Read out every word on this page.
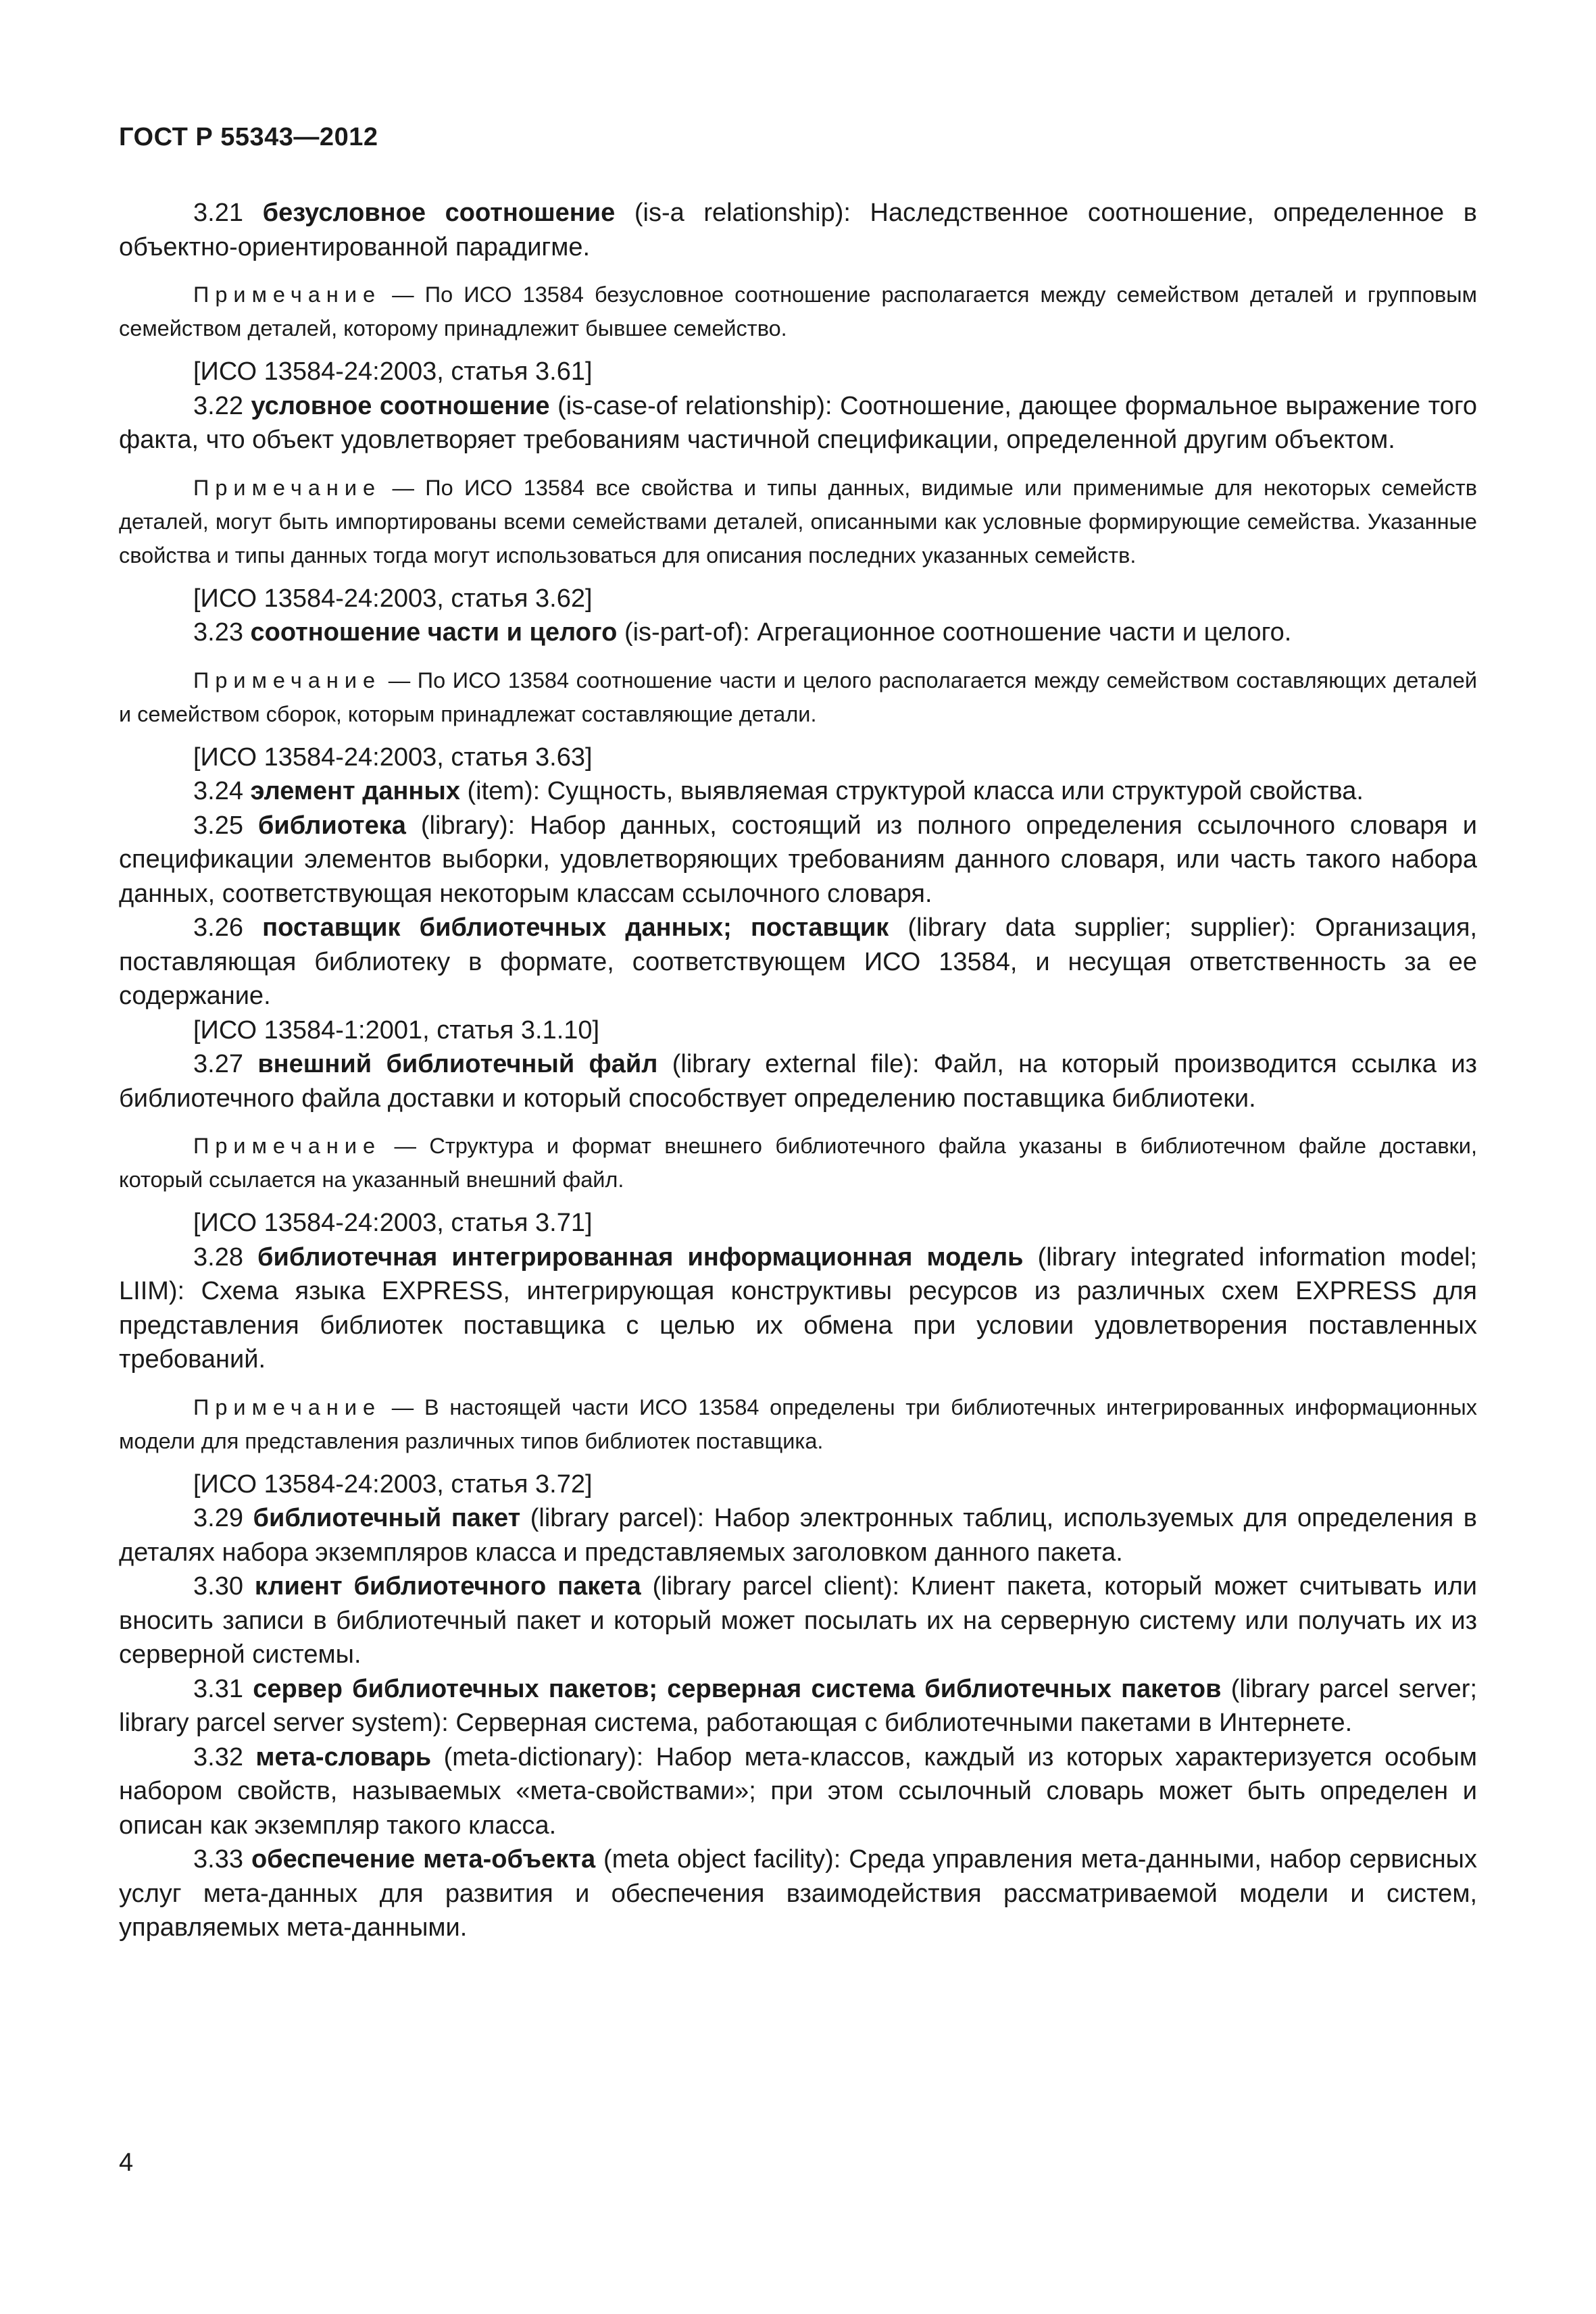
ГОСТ Р 55343—2012

3.21 безусловное соотношение (is-a relationship): Наследственное соотношение, определенное в объектно-ориентированной парадигме.

Примечание — По ИСО 13584 безусловное соотношение располагается между семейством деталей и групповым семейством деталей, которому принадлежит бывшее семейство.

[ИСО 13584-24:2003, статья 3.61]

3.22 условное соотношение (is-case-of relationship): Соотношение, дающее формальное выражение того факта, что объект удовлетворяет требованиям частичной спецификации, определенной другим объектом.

Примечание — По ИСО 13584 все свойства и типы данных, видимые или применимые для некоторых семейств деталей, могут быть импортированы всеми семействами деталей, описанными как условные формирующие семейства. Указанные свойства и типы данных тогда могут использоваться для описания последних указанных семейств.

[ИСО 13584-24:2003, статья 3.62]

3.23 соотношение части и целого (is-part-of): Агрегационное соотношение части и целого.

Примечание — По ИСО 13584 соотношение части и целого располагается между семейством составляющих деталей и семейством сборок, которым принадлежат составляющие детали.

[ИСО 13584-24:2003, статья 3.63]

3.24 элемент данных (item): Сущность, выявляемая структурой класса или структурой свойства.

3.25 библиотека (library): Набор данных, состоящий из полного определения ссылочного словаря и спецификации элементов выборки, удовлетворяющих требованиям данного словаря, или часть такого набора данных, соответствующая некоторым классам ссылочного словаря.

3.26 поставщик библиотечных данных; поставщик (library data supplier; supplier): Организация, поставляющая библиотеку в формате, соответствующем ИСО 13584, и несущая ответственность за ее содержание.

[ИСО 13584-1:2001, статья 3.1.10]

3.27 внешний библиотечный файл (library external file): Файл, на который производится ссылка из библиотечного файла доставки и который способствует определению поставщика библиотеки.

Примечание — Структура и формат внешнего библиотечного файла указаны в библиотечном файле доставки, который ссылается на указанный внешний файл.

[ИСО 13584-24:2003, статья 3.71]

3.28 библиотечная интегрированная информационная модель (library integrated information model; LIIM): Схема языка EXPRESS, интегрирующая конструктивы ресурсов из различных схем EXPRESS для представления библиотек поставщика с целью их обмена при условии удовлетворения поставленных требований.

Примечание — В настоящей части ИСО 13584 определены три библиотечных интегрированных информационных модели для представления различных типов библиотек поставщика.

[ИСО 13584-24:2003, статья 3.72]

3.29 библиотечный пакет (library parcel): Набор электронных таблиц, используемых для определения в деталях набора экземпляров класса и представляемых заголовком данного пакета.

3.30 клиент библиотечного пакета (library parcel client): Клиент пакета, который может считывать или вносить записи в библиотечный пакет и который может посылать их на серверную систему или получать их из серверной системы.

3.31 сервер библиотечных пакетов; серверная система библиотечных пакетов (library parcel server; library parcel server system): Серверная система, работающая с библиотечными пакетами в Интернете.

3.32 мета-словарь (meta-dictionary): Набор мета-классов, каждый из которых характеризуется особым набором свойств, называемых «мета-свойствами»; при этом ссылочный словарь может быть определен и описан как экземпляр такого класса.

3.33 обеспечение мета-объекта (meta object facility): Среда управления мета-данными, набор сервисных услуг мета-данных для развития и обеспечения взаимодействия рассматриваемой модели и систем, управляемых мета-данными.

4
